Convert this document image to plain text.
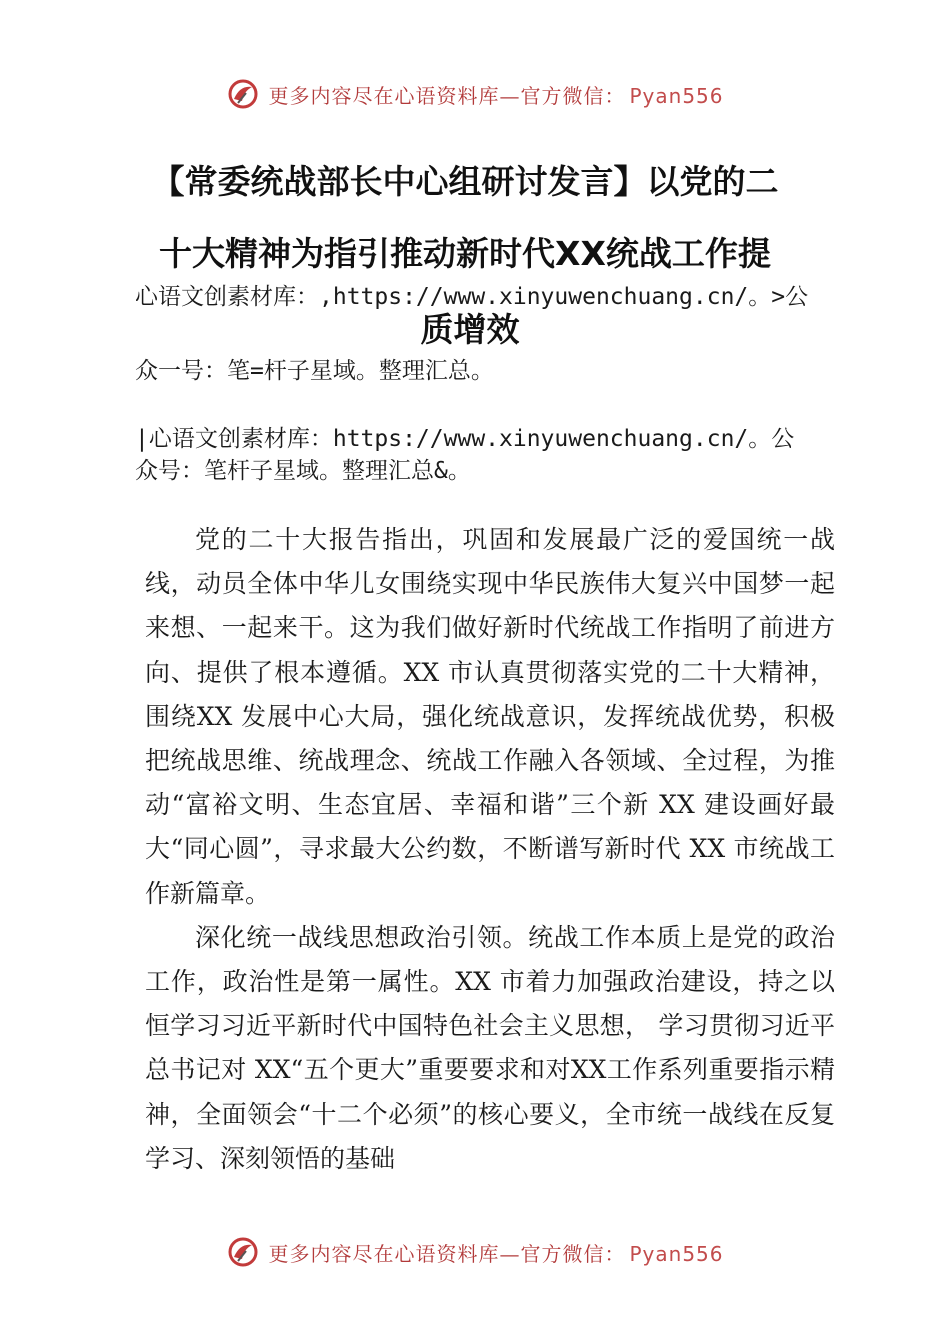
更多内容尽在心语资料库—官方微信： Pyan556
【常委统战部长中心组研讨发言】以党的二
十大精神为指引推动新时代XX统战工作提
心语文创素材库：,https://www.xinyuwenchuang.cn/。>公
质增效
众一号：笔=杆子星域。整理汇总。
|心语文创素材库：https://www.xinyuwenchuang.cn/。公
众号：笔杆子星域。整理汇总&。

党的二十大报告指出，巩固和发展最广泛的爱国统一战线，动员全体中华儿女围绕实现中华民族伟大复兴中国梦一起来想、一起来干。这为我们做好新时代统战工作指明了前进方向、提供了根本遵循。XX 市认真贯彻落实党的二十大精神，围绕XX 发展中心大局，强化统战意识，发挥统战优势，积极把统战思维、统战理念、统战工作融入各领域、全过程，为推动“富裕文明、生态宜居、幸福和谐”三个新 XX 建设画好最大“同心圆”，寻求最大公约数，不断谱写新时代 XX 市统战工作新篇章。

深化统一战线思想政治引领。统战工作本质上是党的政治工作，政治性是第一属性。XX 市着力加强政治建设，持之以恒学习习近平新时代中国特色社会主义思想， 学习贯彻习近平总书记对 XX“五个更大”重要要求和对XX工作系列重要指示精神，全面领会“十二个必须”的核心要义，全市统一战线在反复学习、深刻领悟的基础

更多内容尽在心语资料库—官方微信： Pyan556
